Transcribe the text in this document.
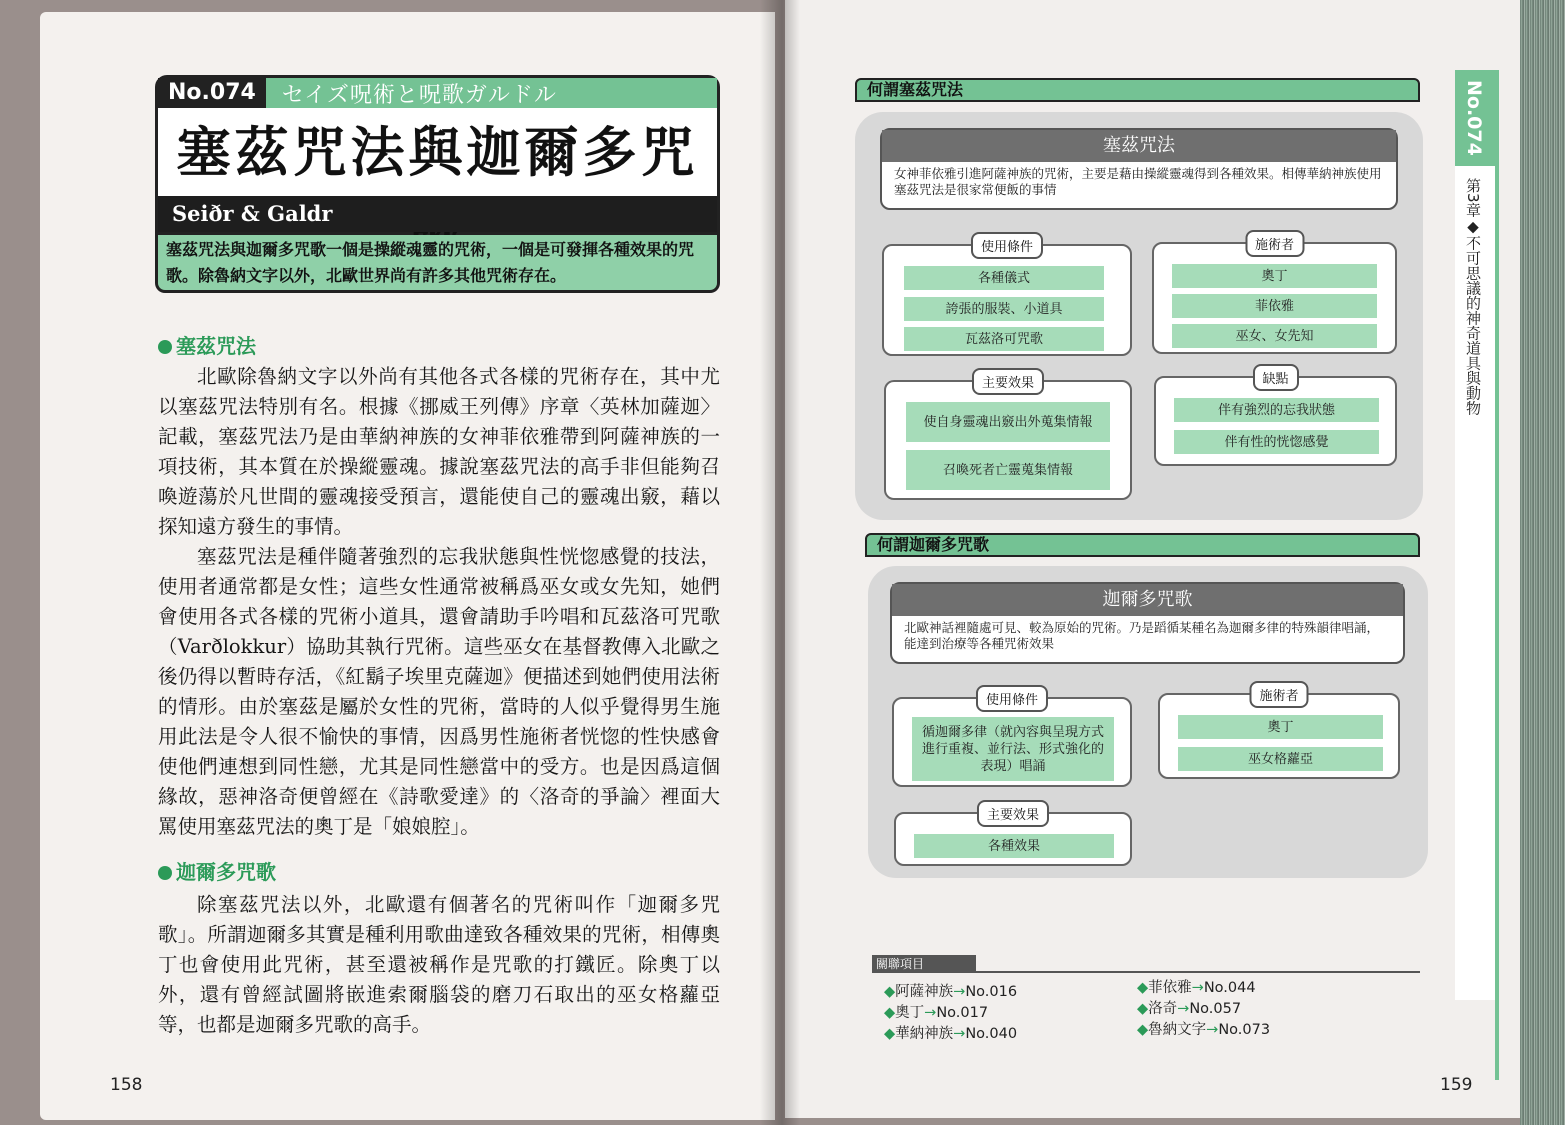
No.074	セイズ呪術と呪歌ガルドル
塞茲咒法與迦爾多咒
Seiðr & Galdr
塞茲咒法與迦爾多咒歌一個是操縱魂靈的咒術，一個是可發揮各種效果的咒歌。除魯納文字以外，北歐世界尚有許多其他咒術存在。
塞茲咒法

北歐除魯納文字以外尚有其他各式各樣的咒術存在，其中尤以塞茲咒法特別有名。根據《挪威王列傳》序章〈英林加薩迦〉記載，塞茲咒法乃是由華納神族的女神菲依雅帶到阿薩神族的一項技術，其本質在於操縱靈魂。據說塞茲咒法的高手非但能夠召喚遊蕩於凡世間的靈魂接受預言，還能使自己的靈魂出竅，藉以探知遠方發生的事情。

塞茲咒法是種伴隨著強烈的忘我狀態與性恍惚感覺的技法，使用者通常都是女性；這些女性通常被稱爲巫女或女先知，她們會使用各式各樣的咒術小道具，還會請助手吟唱和瓦茲洛可咒歌（Varðlokkur）協助其執行咒術。這些巫女在基督教傳入北歐之後仍得以暫時存活，《紅鬍子埃里克薩迦》便描述到她們使用法術的情形。由於塞茲是屬於女性的咒術，當時的人似乎覺得男生施用此法是令人很不愉快的事情，因爲男性施術者恍惚的性快感會使他們連想到同性戀，尤其是同性戀當中的受方。也是因爲這個緣故，惡神洛奇便曾經在《詩歌愛達》的〈洛奇的爭論〉裡面大罵使用塞茲咒法的奧丁是「娘娘腔」。

迦爾多咒歌

除塞茲咒法以外，北歐還有個著名的咒術叫作「迦爾多咒歌」。所謂迦爾多其實是種利用歌曲達致各種效果的咒術，相傳奧丁也會使用此咒術，甚至還被稱作是咒歌的打鐵匠。除奧丁以外，還有曾經試圖將嵌進索爾腦袋的磨刀石取出的巫女格蘿亞等，也都是迦爾多咒歌的高手。

158
何謂塞茲咒法
塞茲咒法
女神菲依雅引進阿薩神族的咒術，主要是藉由操縱靈魂得到各種效果。相傳華納神族使用塞茲咒法是很家常便飯的事情
使用條件
各種儀式
誇張的服裝、小道具
瓦茲洛可咒歌
施術者
奧丁
菲依雅
巫女、女先知
主要效果
使自身靈魂出竅出外蒐集情報
召喚死者亡靈蒐集情報
缺點
伴有強烈的忘我狀態
伴有性的恍惚感覺
何謂迦爾多咒歌
迦爾多咒歌
北歐神話裡隨處可見、較為原始的咒術。乃是蹈循某種名為迦爾多律的特殊韻律唱誦，能達到治療等各種咒術效果
使用條件
循迦爾多律（就內容與呈現方式進行重複、並行法、形式強化的表現）唱誦
施術者
奧丁
巫女格蘿亞
主要效果
各種效果
關聯項目
◆阿薩神族→No.016
◆奧丁→No.017
◆華納神族→No.040
◆菲依雅→No.044
◆洛奇→No.057
◆魯納文字→No.073
No.074
第3章◆不可思議的神奇道具與動物
159
